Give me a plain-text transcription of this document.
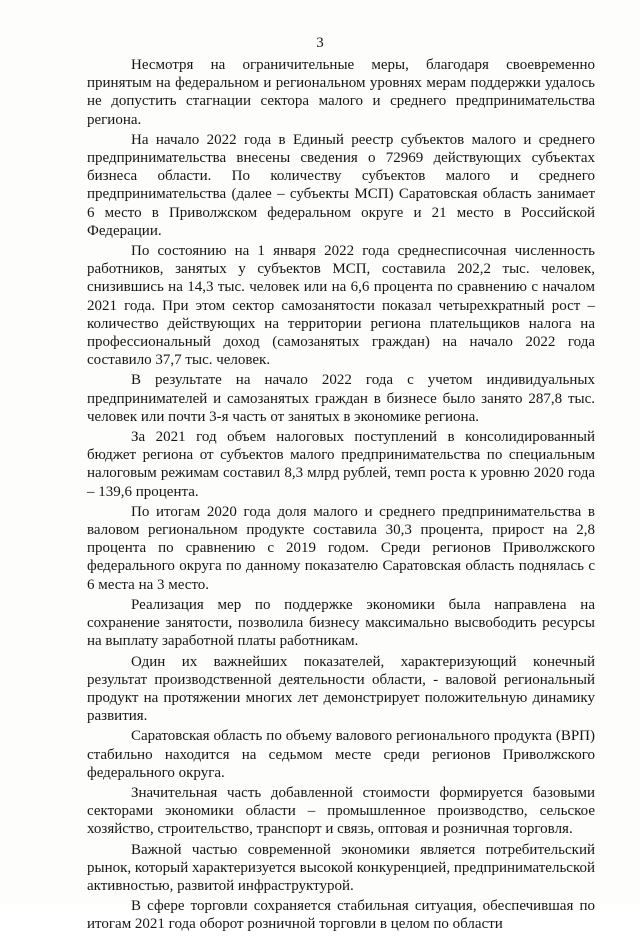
3

Несмотря на ограничительные меры, благодаря своевременно принятым на федеральном и региональном уровнях мерам поддержки удалось не допустить стагнации сектора малого и среднего предпринимательства региона.

На начало 2022 года в Единый реестр субъектов малого и среднего предпринимательства внесены сведения о 72969 действующих субъектах бизнеса области. По количеству субъектов малого и среднего предпринимательства (далее – субъекты МСП) Саратовская область занимает 6 место в Приволжском федеральном округе и 21 место в Российской Федерации.

По состоянию на 1 января 2022 года среднесписочная численность работников, занятых у субъектов МСП, составила 202,2 тыс. человек, снизившись на 14,3 тыс. человек или на 6,6 процента по сравнению с началом 2021 года. При этом сектор самозанятости показал четырехкратный рост – количество действующих на территории региона плательщиков налога на профессиональный доход (самозанятых граждан) на начало 2022 года составило 37,7 тыс. человек.

В результате на начало 2022 года с учетом индивидуальных предпринимателей и самозанятых граждан в бизнесе было занято 287,8 тыс. человек или почти 3-я часть от занятых в экономике региона.

За 2021 год объем налоговых поступлений в консолидированный бюджет региона от субъектов малого предпринимательства по специальным налоговым режимам составил 8,3 млрд рублей, темп роста к уровню 2020 года – 139,6 процента.

По итогам 2020 года доля малого и среднего предпринимательства в валовом региональном продукте составила 30,3 процента, прирост на 2,8 процента по сравнению с 2019 годом. Среди регионов Приволжского федерального округа по данному показателю Саратовская область поднялась с 6 места на 3 место.

Реализация мер по поддержке экономики была направлена на сохранение занятости, позволила бизнесу максимально высвободить ресурсы на выплату заработной платы работникам.

Один их важнейших показателей, характеризующий конечный результат производственной деятельности области, - валовой региональный продукт на протяжении многих лет демонстрирует положительную динамику развития.

Саратовская область по объему валового регионального продукта (ВРП) стабильно находится на седьмом месте среди регионов Приволжского федерального округа.

Значительная часть добавленной стоимости формируется базовыми секторами экономики области – промышленное производство, сельское хозяйство, строительство, транспорт и связь, оптовая и розничная торговля.

Важной частью современной экономики является потребительский рынок, который характеризуется высокой конкуренцией, предпринимательской активностью, развитой инфраструктурой.

В сфере торговли сохраняется стабильная ситуация, обеспечившая по итогам 2021 года оборот розничной торговли в целом по области
